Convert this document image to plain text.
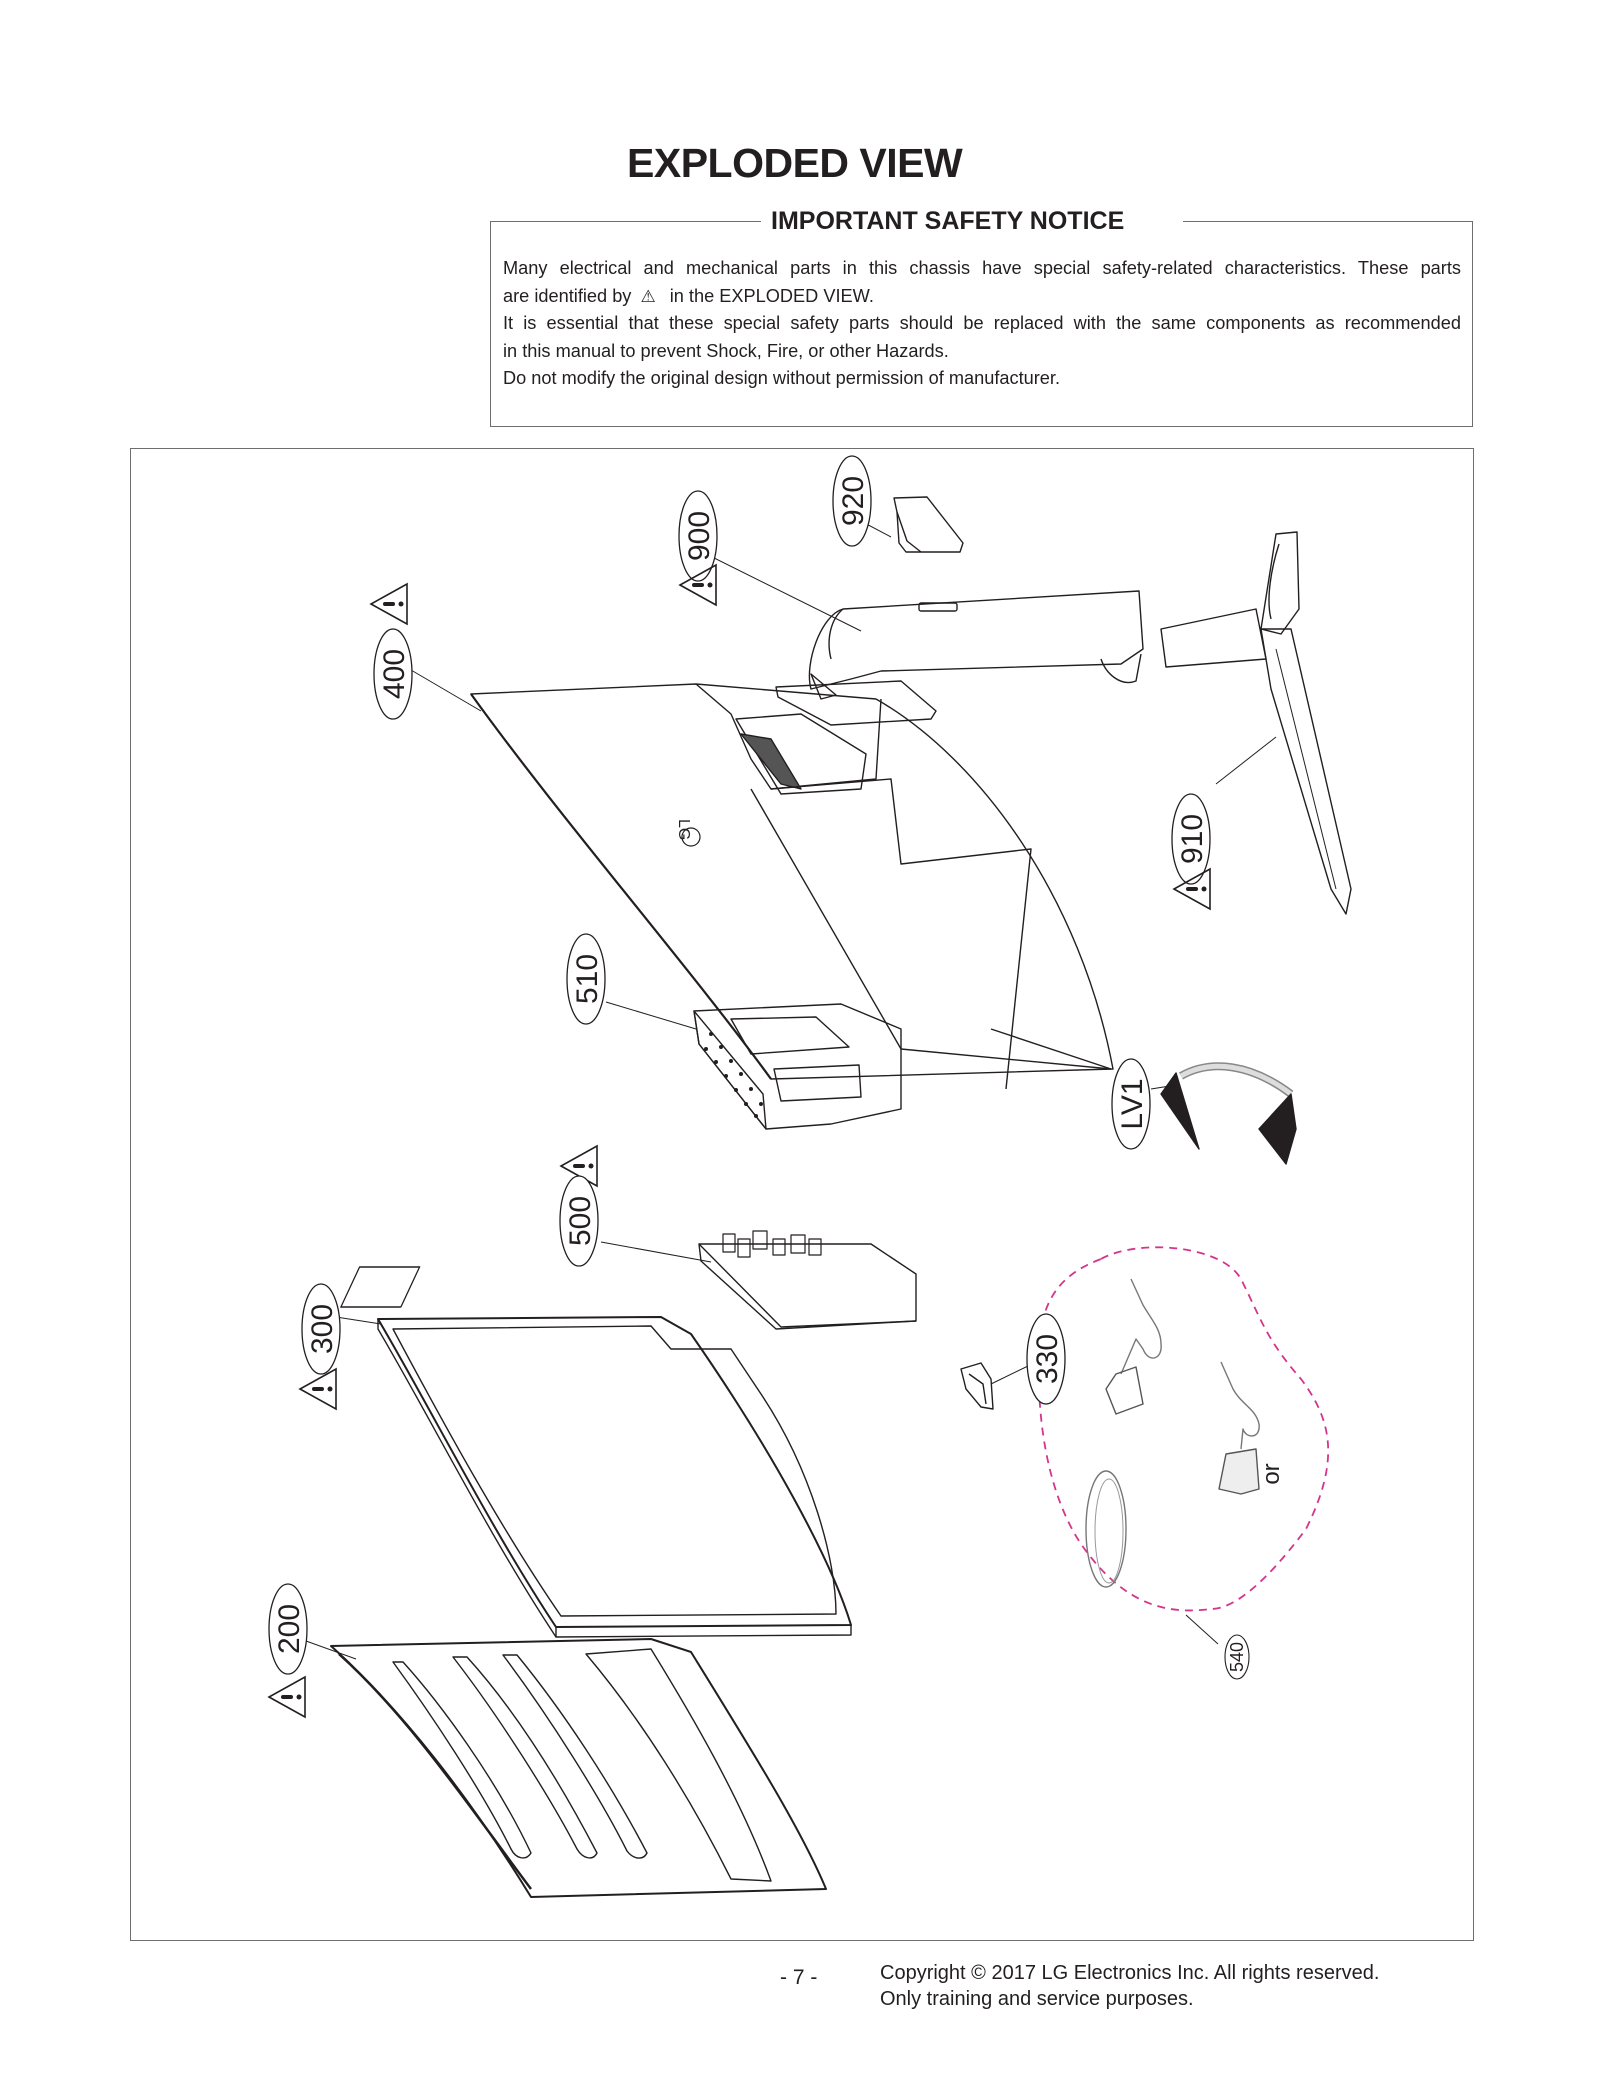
EXPLODED VIEW
IMPORTANT SAFETY NOTICE

Many electrical and mechanical parts in this chassis have special safety-related characteristics. These parts

are identified by ⚠ in the EXPLODED VIEW.

It is essential that these special safety parts should be replaced with the same components as recommended

in this manual to prevent Shock, Fire, or other Hazards.

Do not modify the original design without permission of manufacturer.

LG
920
900
400
910
510
LV1
500
300
330
200
540
or
- 7 -	Copyright © 2017 LG Electronics Inc. All rights reserved.
Only training and service purposes.
